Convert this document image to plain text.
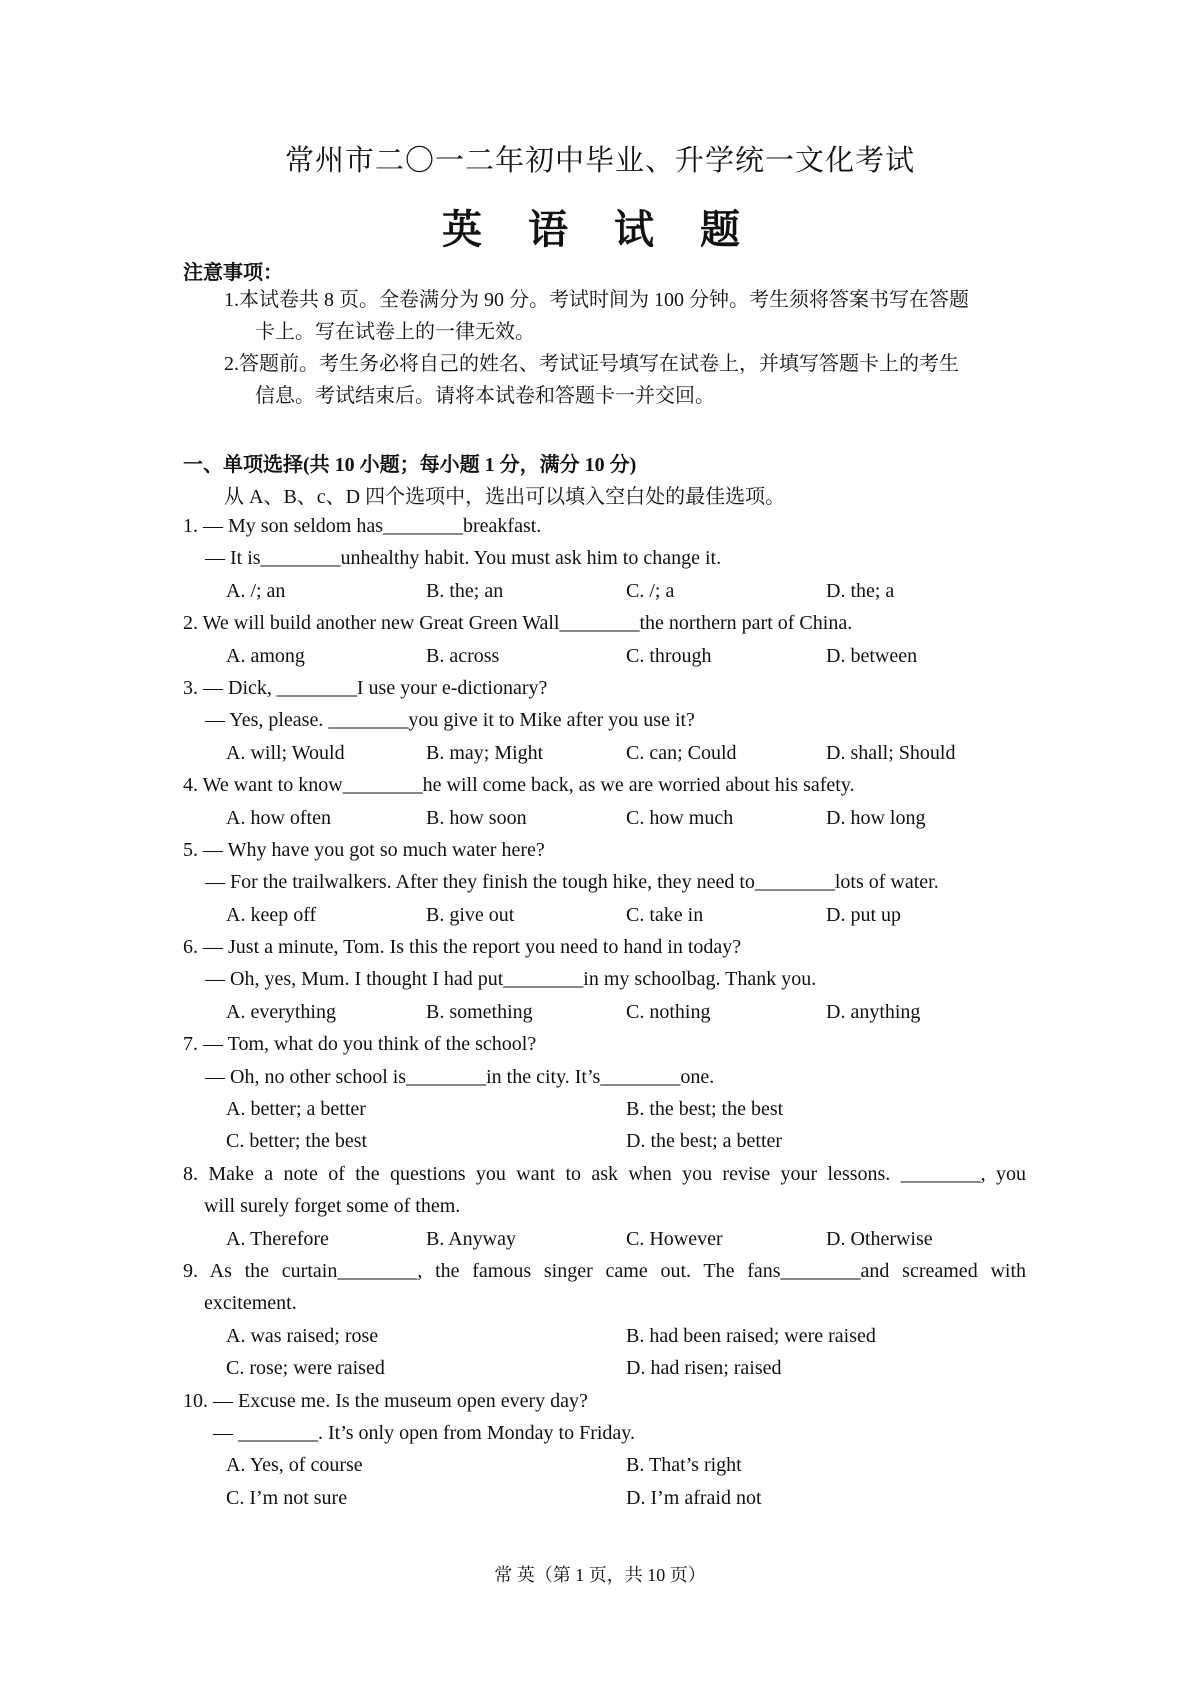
常州市二〇一二年初中毕业、升学统一文化考试
英 语 试 题
注意事项：
1.本试卷共 8 页。全卷满分为 90 分。考试时间为 100 分钟。考生须将答案书写在答题
卡上。写在试卷上的一律无效。
2.答题前。考生务必将自己的姓名、考试证号填写在试卷上，并填写答题卡上的考生
信息。考试结束后。请将本试卷和答题卡一并交回。
一、单项选择(共 10 小题；每小题 1 分，满分 10 分)
从 A、B、c、D 四个选项中，选出可以填入空白处的最佳选项。
1. — My son seldom has________breakfast.
— It is________unhealthy habit. You must ask him to change it.
A. /; an	B. the; an	C. /; a	D. the; a
2. We will build another new Great Green Wall________the northern part of China.
A. among	B. across	C. through	D. between
3. — Dick, ________I use your e-dictionary?
— Yes, please. ________you give it to Mike after you use it?
A. will; Would	B. may; Might	C. can; Could	D. shall; Should
4. We want to know________he will come back, as we are worried about his safety.
A. how often	B. how soon	C. how much	D. how long
5. — Why have you got so much water here?
— For the trailwalkers. After they finish the tough hike, they need to________lots of water.
A. keep off	B. give out	C. take in	D. put up
6. — Just a minute, Tom. Is this the report you need to hand in today?
— Oh, yes, Mum. I thought I had put________in my schoolbag. Thank you.
A. everything	B. something	C. nothing	D. anything
7. — Tom, what do you think of the school?
— Oh, no other school is________in the city. It’s________one.
A. better; a better	B. the best; the best
C. better; the best	D. the best; a better
8. Make a note of the questions you want to ask when you revise your lessons. ________, you
will surely forget some of them.
A. Therefore	B. Anyway	C. However	D. Otherwise
9. As the curtain________, the famous singer came out. The fans________and screamed with
excitement.
A. was raised; rose	B. had been raised; were raised
C. rose; were raised	D. had risen; raised
10. — Excuse me. Is the museum open every day?
— ________. It’s only open from Monday to Friday.
A. Yes, of course	B. That’s right
C. I’m not sure	D. I’m afraid not
常 英（第 1 页，共 10 页）
